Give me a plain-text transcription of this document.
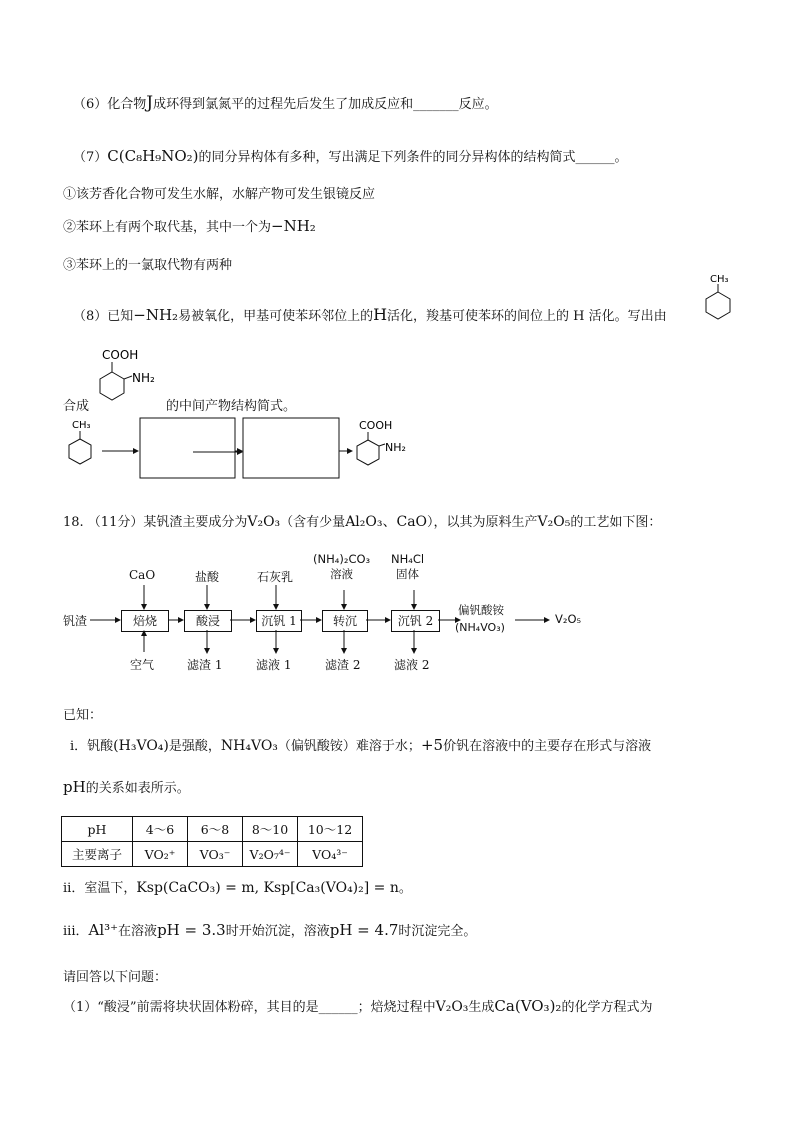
（6）化合物J成环得到氯氮平的过程先后发生了加成反应和_______反应。
（7）C(C₈H₉NO₂)的同分异构体有多种，写出满足下列条件的同分异构体的结构简式______。
①该芳香化合物可发生水解，水解产物可发生银镜反应
②苯环上有两个取代基，其中一个为−NH₂
③苯环上的一氯取代物有两种
（8）已知−NH₂易被氧化，甲基可使苯环邻位上的H活化，羧基可使苯环的间位上的 H 活化。写出由
CH₃
COOH
NH₂
合成	的中间产物结构简式。
CH₃	COOH
NH₂
18. （11分）某钒渣主要成分为V₂O₃（含有少量Al₂O₃、CaO），以其为原料生产V₂O₅的工艺如下图：
钒渣	焙烧	酸浸	沉钒 1	转沉	沉钒 2
CaO	盐酸	石灰乳
(NH₄)₂CO₃
溶液
NH₄Cl
固体
空气	滤渣 1	滤液 1	滤渣 2	滤液 2
偏钒酸铵
(NH₄VO₃)
V₂O₅
已知：
i．钒酸(H₃VO₄)是强酸，NH₄VO₃（偏钒酸铵）难溶于水；+5价钒在溶液中的主要存在形式与溶液
pH的关系如表所示。
pH	4～6	6～8	8～10	10～12
主要离子	VO₂⁺	VO₃⁻	V₂O₇⁴⁻	VO₄³⁻
ii．室温下，Ksp(CaCO₃) = m, Ksp[Ca₃(VO₄)₂] = n。
iii．Al³⁺在溶液pH = 3.3时开始沉淀，溶液pH = 4.7时沉淀完全。
请回答以下问题：
（1）“酸浸”前需将块状固体粉碎，其目的是______；焙烧过程中V₂O₃生成Ca(VO₃)₂的化学方程式为
